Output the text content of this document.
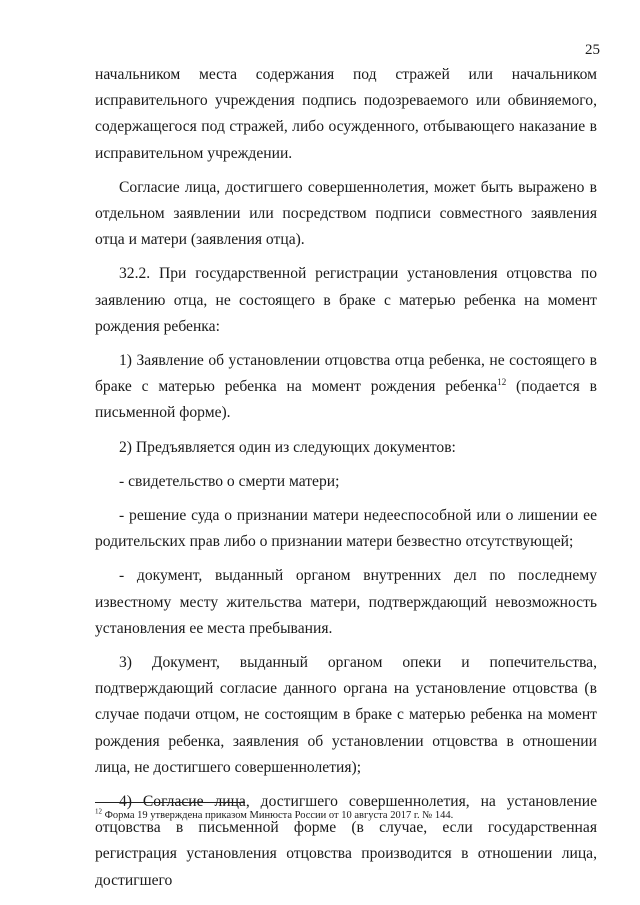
25

начальником места содержания под стражей или начальником исправительного учреждения подпись подозреваемого или обвиняемого, содержащегося под стражей, либо осужденного, отбывающего наказание в исправительном учреждении.

Согласие лица, достигшего совершеннолетия, может быть выражено в отдельном заявлении или посредством подписи совместного заявления отца и матери (заявления отца).

32.2. При государственной регистрации установления отцовства по заявлению отца, не состоящего в браке с матерью ребенка на момент рождения ребенка:

1) Заявление об установлении отцовства отца ребенка, не состоящего в браке с матерью ребенка на момент рождения ребенка$^{12}$ (подается в письменной форме).

2) Предъявляется один из следующих документов:

- свидетельство о смерти матери;

- решение суда о признании матери недееспособной или о лишении ее родительских прав либо о признании матери безвестно отсутствующей;

- документ, выданный органом внутренних дел по последнему известному месту жительства матери, подтверждающий невозможность установления ее места пребывания.

3) Документ, выданный органом опеки и попечительства, подтверждающий согласие данного органа на установление отцовства (в случае подачи отцом, не состоящим в браке с матерью ребенка на момент рождения ребенка, заявления об установлении отцовства в отношении лица, не достигшего совершеннолетия);

4) Согласие лица, достигшего совершеннолетия, на установление отцовства в письменной форме (в случае, если государственная регистрация установления отцовства производится в отношении лица, достигшего

$^{12}$ Форма 19 утверждена приказом Минюста России от 10 августа 2017 г. № 144.
